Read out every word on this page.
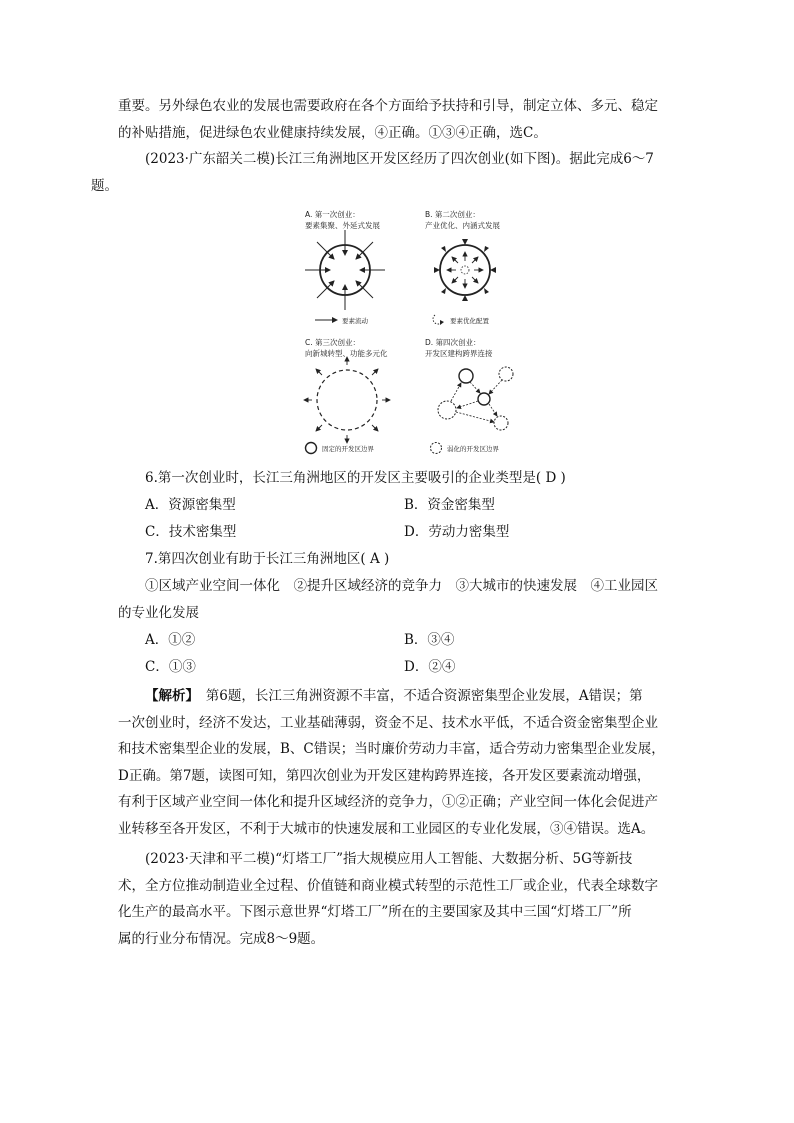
重要。另外绿色农业的发展也需要政府在各个方面给予扶持和引导，制定立体、多元、稳定
的补贴措施，促进绿色农业健康持续发展，④正确。①③④正确，选C。

(2023·广东韶关二模)长江三角洲地区开发区经历了四次创业(如下图)。据此完成6～7
题。

A. 第一次创业：
要素集聚、外延式发展
要素流动
B. 第二次创业：
产业优化、内涵式发展
要素优化配置
C. 第三次创业：
向新城转型、功能多元化
固定的开发区边界
D. 第四次创业：
开发区建构跨界连接
弱化的开发区边界
6.第一次创业时，长江三角洲地区的开发区主要吸引的企业类型是( D )
A．资源密集型	B．资金密集型
C．技术密集型	D．劳动力密集型
7.第四次创业有助于长江三角洲地区( A )
①区域产业空间一体化　②提升区域经济的竞争力　③大城市的快速发展　④工业园区
的专业化发展
A．①②	B．③④
C．①③	D．②④

【解析】　第6题，长江三角洲资源不丰富，不适合资源密集型企业发展，A错误；第
一次创业时，经济不发达，工业基础薄弱，资金不足、技术水平低，不适合资金密集型企业
和技术密集型企业的发展，B、C错误；当时廉价劳动力丰富，适合劳动力密集型企业发展，
D正确。第7题，读图可知，第四次创业为开发区建构跨界连接，各开发区要素流动增强，
有利于区域产业空间一体化和提升区域经济的竞争力，①②正确；产业空间一体化会促进产
业转移至各开发区，不利于大城市的快速发展和工业园区的专业化发展，③④错误。选A。

(2023·天津和平二模)“灯塔工厂”指大规模应用人工智能、大数据分析、5G等新技
术，全方位推动制造业全过程、价值链和商业模式转型的示范性工厂或企业，代表全球数字
化生产的最高水平。下图示意世界“灯塔工厂”所在的主要国家及其中三国“灯塔工厂”所
属的行业分布情况。完成8～9题。
